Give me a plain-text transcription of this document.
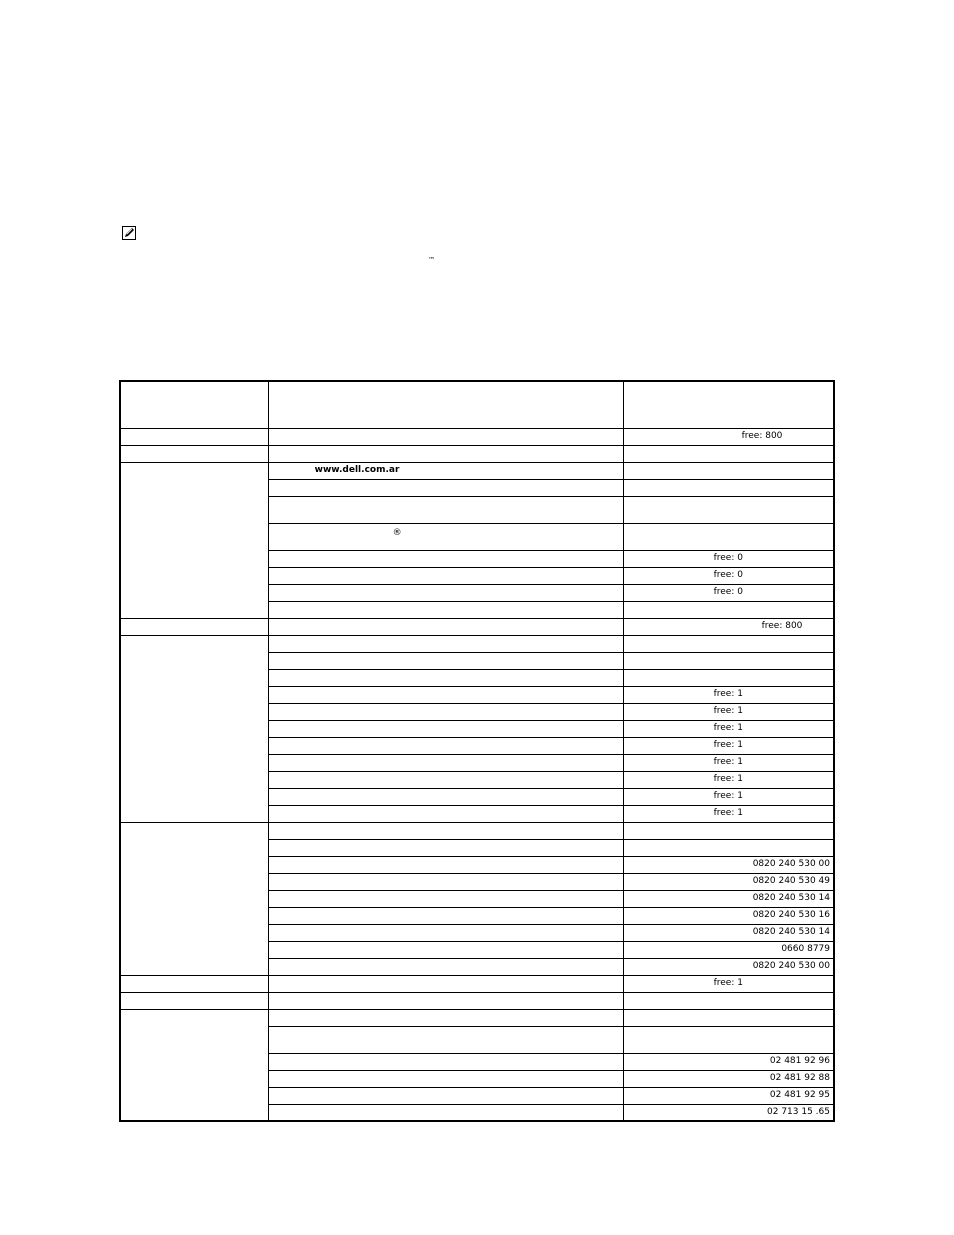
™

		free: 800

	www.dell.com.ar	

	®	
		free: 0
		free: 0
		free: 0

		free: 800

		free: 1
		free: 1
		free: 1
		free: 1
		free: 1
		free: 1
		free: 1
		free: 1

		0820 240 530 00
		0820 240 530 49
		0820 240 530 14
		0820 240 530 16
		0820 240 530 14
		0660 8779
		0820 240 530 00
		free: 1

		02 481 92 96
		02 481 92 88
		02 481 92 95
		02 713 15 .65
